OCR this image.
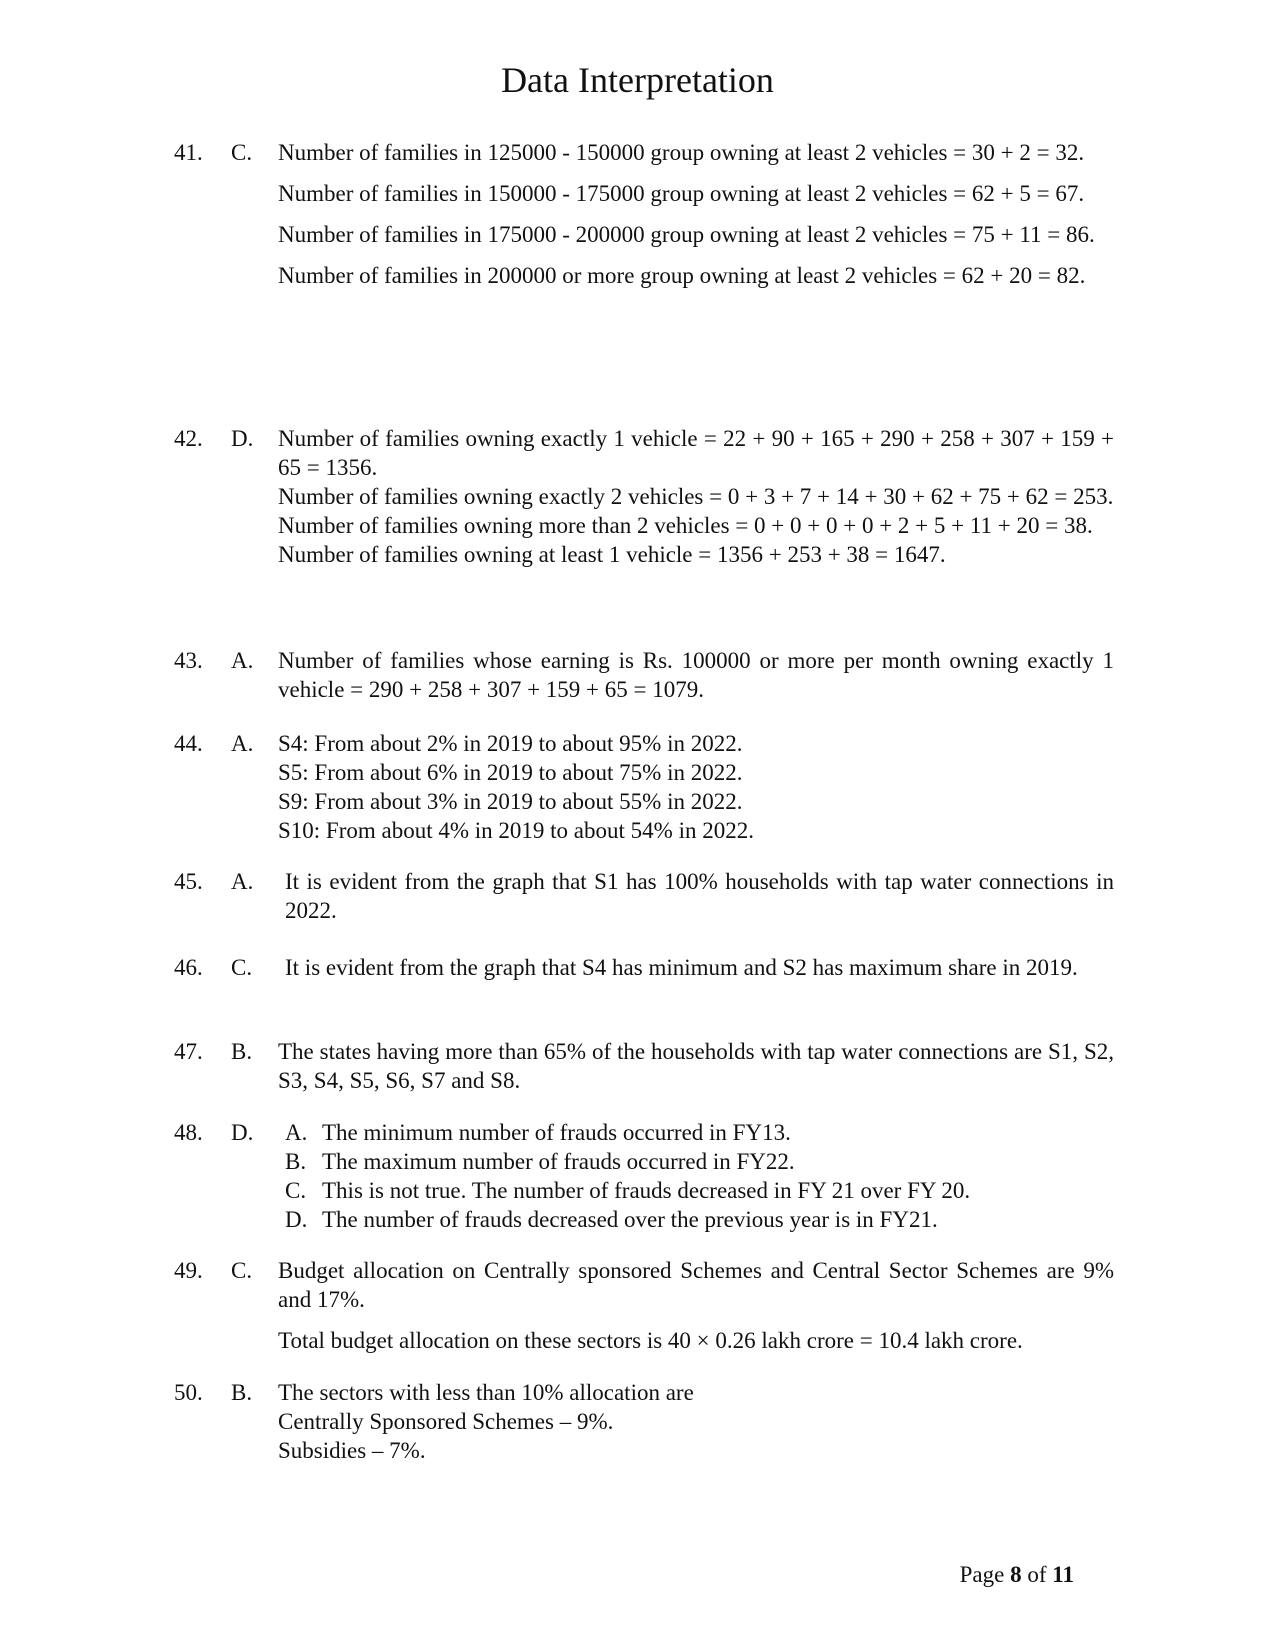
Data Interpretation
41. C. Number of families in 125000 - 150000 group owning at least 2 vehicles = 30 + 2 = 32.
Number of families in 150000 - 175000 group owning at least 2 vehicles = 62 + 5 = 67.
Number of families in 175000 - 200000 group owning at least 2 vehicles = 75 + 11 = 86.
Number of families in 200000 or more group owning at least 2 vehicles = 62 + 20 = 82.
42. D. Number of families owning exactly 1 vehicle = 22 + 90 + 165 + 290 + 258 + 307 + 159 + 65 = 1356.
Number of families owning exactly 2 vehicles = 0 + 3 + 7 + 14 + 30 + 62 + 75 + 62 = 253.
Number of families owning more than 2 vehicles = 0 + 0 + 0 + 0 + 2 + 5 + 11 + 20 = 38.
Number of families owning at least 1 vehicle = 1356 + 253 + 38 = 1647.
43. A. Number of families whose earning is Rs. 100000 or more per month owning exactly 1 vehicle = 290 + 258 + 307 + 159 + 65 = 1079.
44. A. S4: From about 2% in 2019 to about 95% in 2022.
S5: From about 6% in 2019 to about 75% in 2022.
S9: From about 3% in 2019 to about 55% in 2022.
S10: From about 4% in 2019 to about 54% in 2022.
45. A. It is evident from the graph that S1 has 100% households with tap water connections in 2022.
46. C. It is evident from the graph that S4 has minimum and S2 has maximum share in 2019.
47. B. The states having more than 65% of the households with tap water connections are S1, S2, S3, S4, S5, S6, S7 and S8.
48. D. A. The minimum number of frauds occurred in FY13.
B. The maximum number of frauds occurred in FY22.
C. This is not true. The number of frauds decreased in FY 21 over FY 20.
D. The number of frauds decreased over the previous year is in FY21.
49. C. Budget allocation on Centrally sponsored Schemes and Central Sector Schemes are 9% and 17%.
Total budget allocation on these sectors is 40 × 0.26 lakh crore = 10.4 lakh crore.
50. B. The sectors with less than 10% allocation are
Centrally Sponsored Schemes – 9%.
Subsidies – 7%.
Page 8 of 11
